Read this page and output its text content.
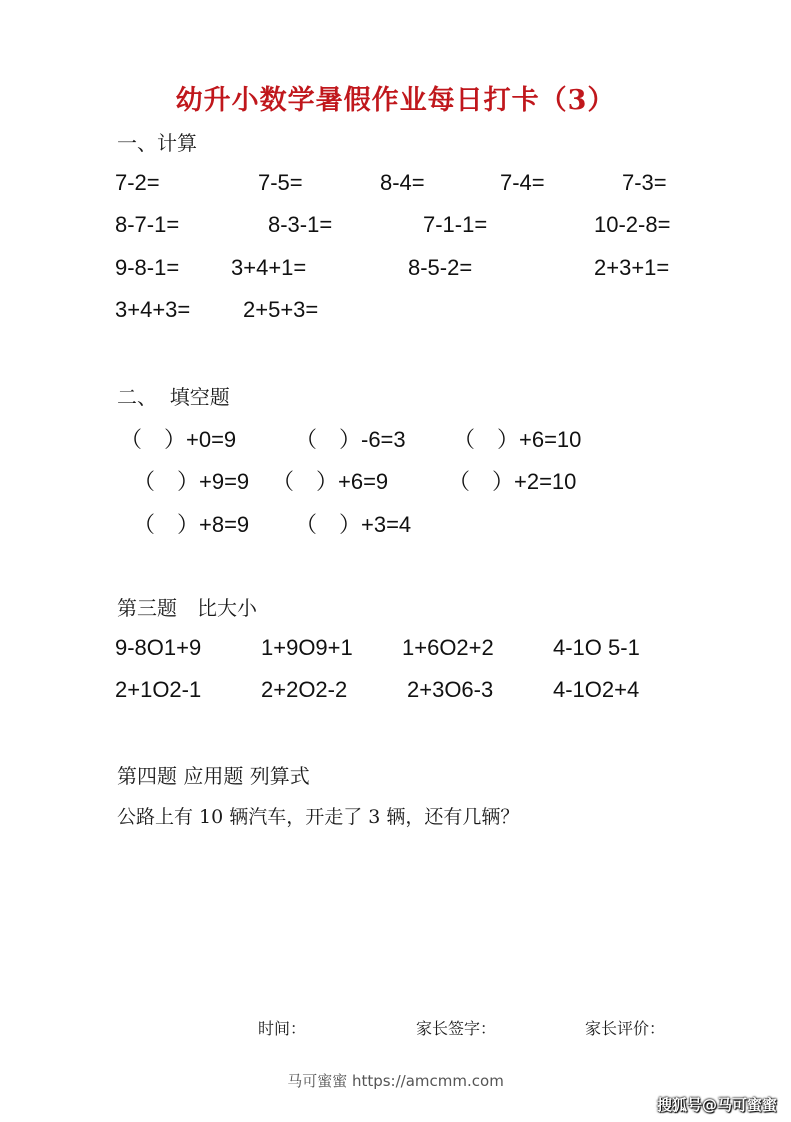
幼升小数学暑假作业每日打卡（3）
一、计算
7-2=	7-5=	8-4=	7-4=	7-3=
8-7-1=	8-3-1=	7-1-1=	10-2-8=
9-8-1= 3+4+1=	8-5-2=	2+3+1=
3+4+3= 2+5+3=
二、  填空题
（　）+0=9	（　）-6=3 （　）+6=10
（　）+9=9 （　）+6=9	（　）+2=10
（　）+8=9 （　）+3=4
第三题　比大小
9-8O1+9	1+9O9+1 1+6O2+2	4-1O 5-1
2+1O2-1	2+2O2-2	2+3O6-3	4-1O2+4
第四题 应用题 列算式
公路上有 10 辆汽车，开走了 3 辆，还有几辆？
时间：	家长签字：	家长评价：
马可蜜蜜 https://amcmm.com
搜狐号@马可蜜蜜
